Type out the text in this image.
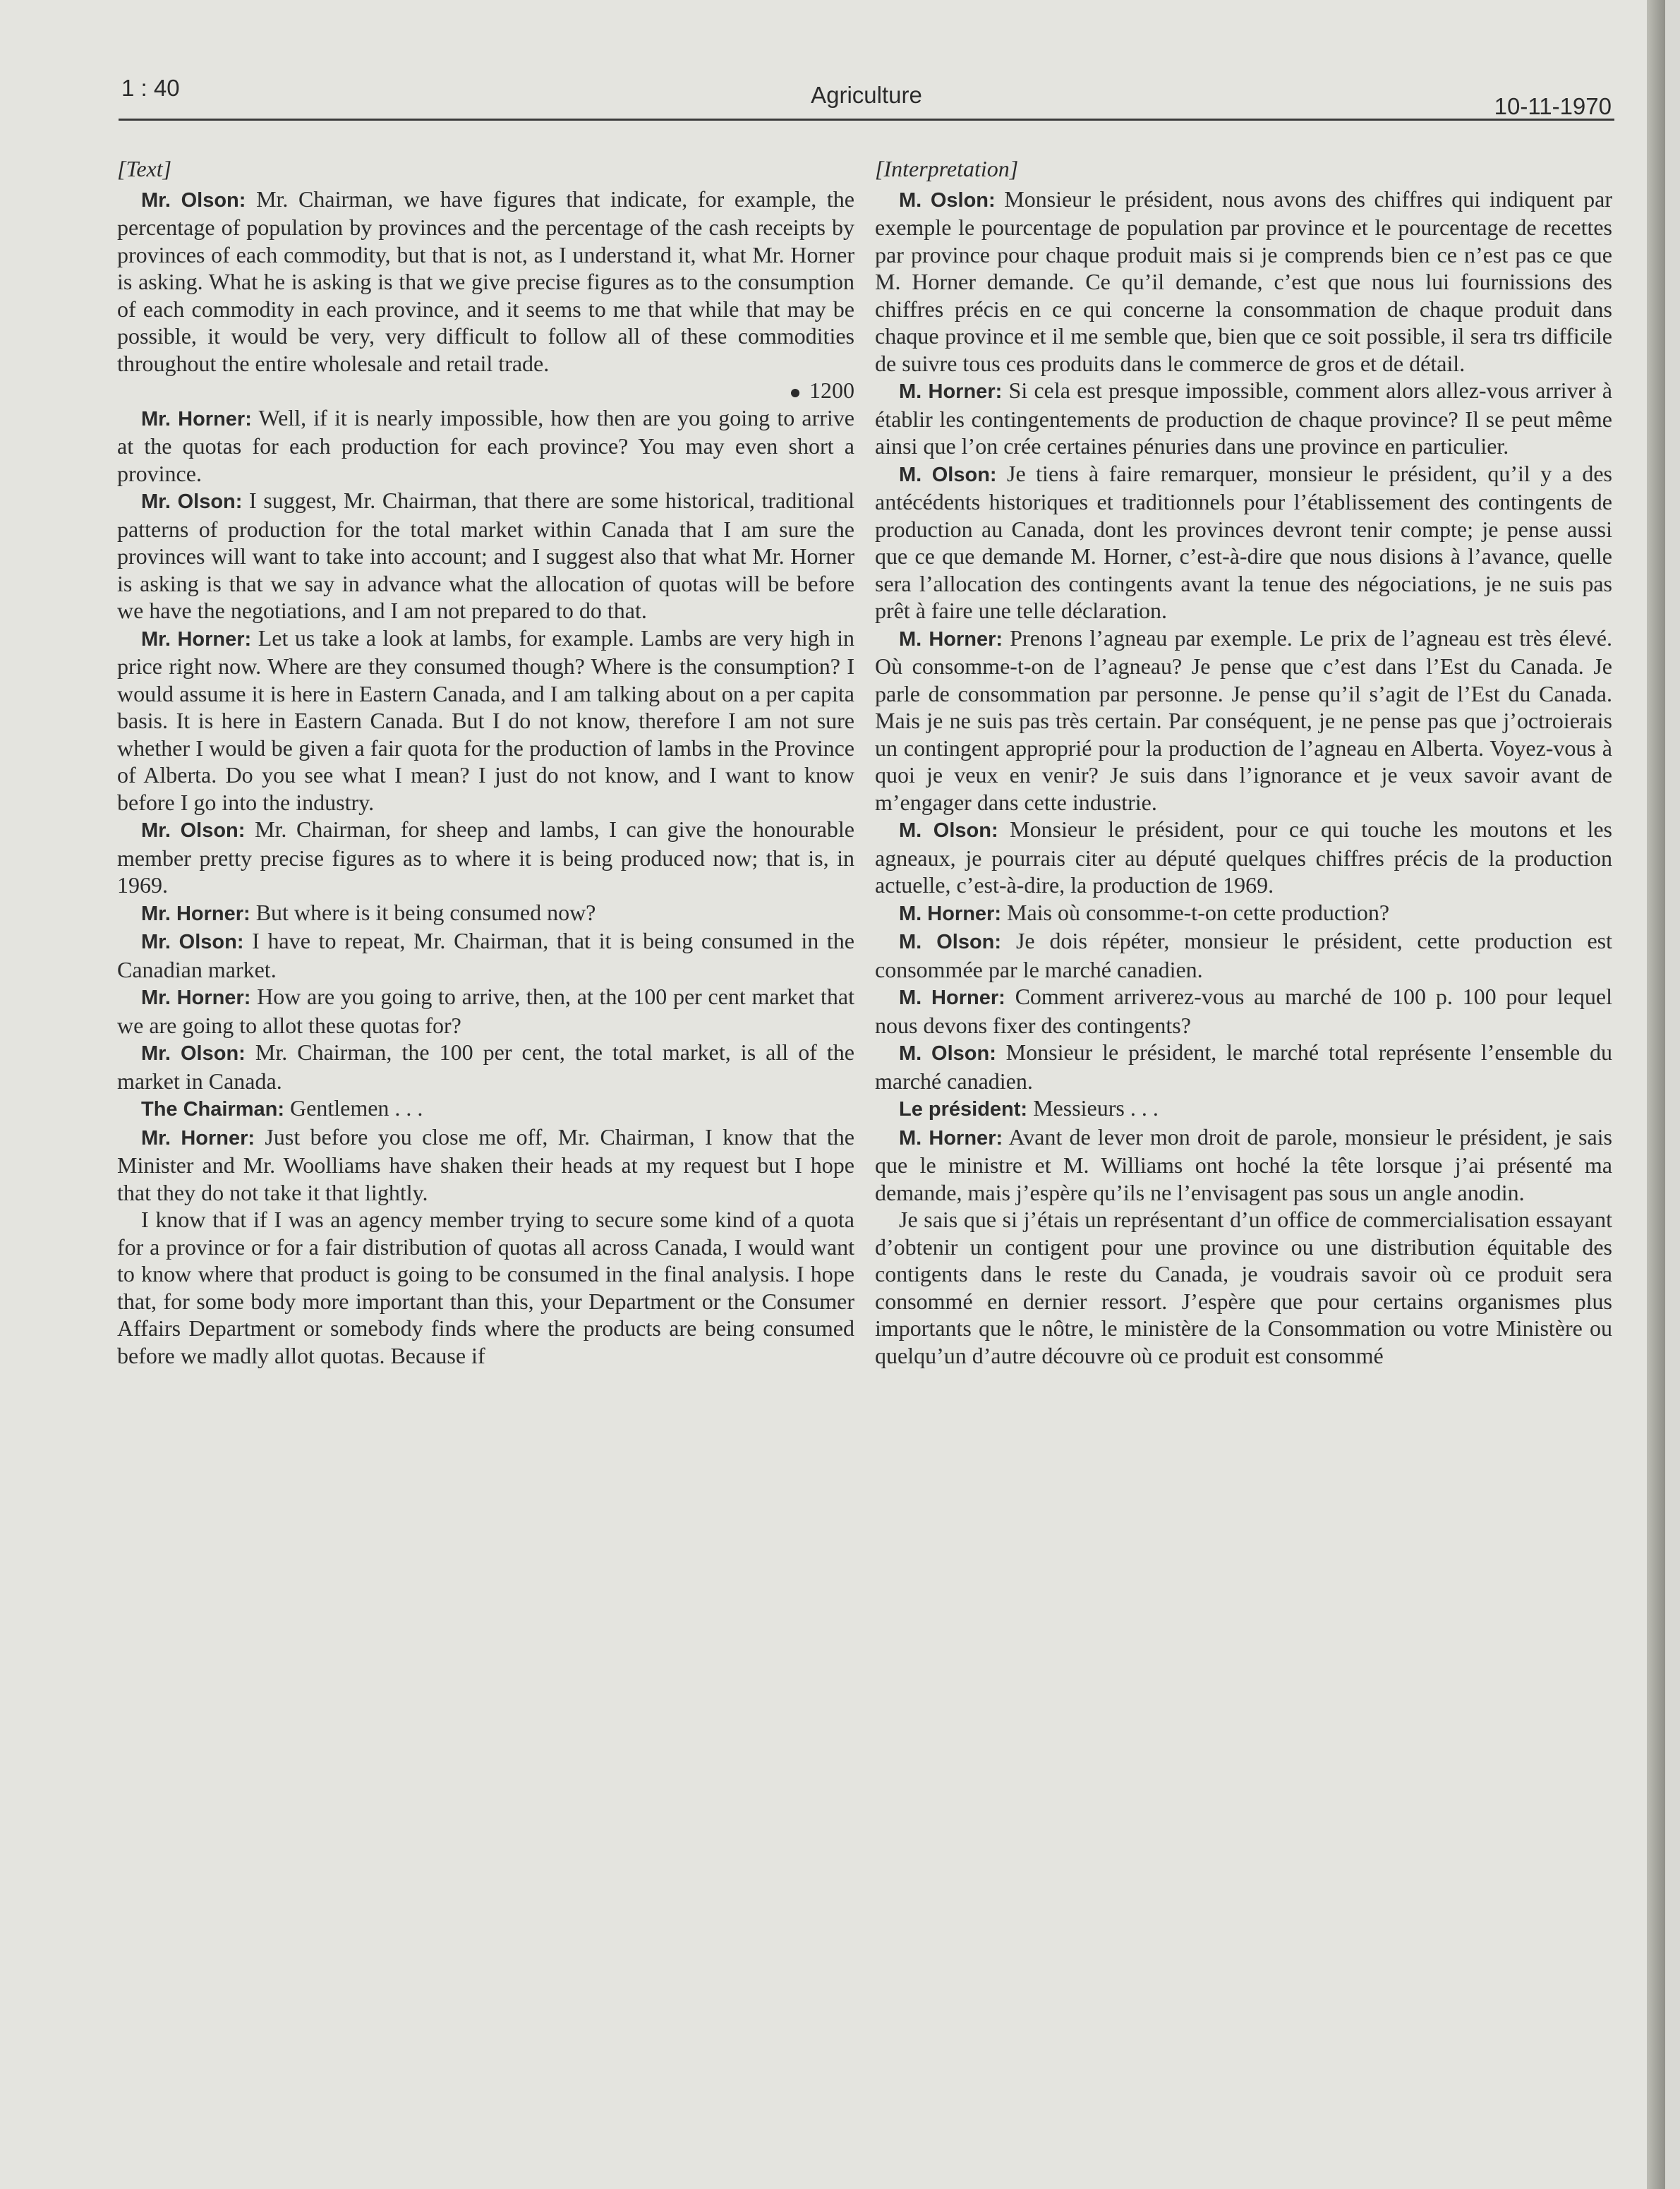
1 : 40	Agriculture	10-11-1970

[Text]

Mr. Olson: Mr. Chairman, we have figures that indicate, for example, the percentage of population by provinces and the percentage of the cash receipts by provinces of each commodity, but that is not, as I understand it, what Mr. Horner is asking. What he is asking is that we give precise figures as to the consumption of each commodity in each province, and it seems to me that while that may be possible, it would be very, very difficult to follow all of these commodities throughout the entire wholesale and retail trade.

1200

Mr. Horner: Well, if it is nearly impossible, how then are you going to arrive at the quotas for each production for each province? You may even short a province.

Mr. Olson: I suggest, Mr. Chairman, that there are some historical, traditional patterns of production for the total market within Canada that I am sure the provinces will want to take into account; and I suggest also that what Mr. Horner is asking is that we say in advance what the allocation of quotas will be before we have the negotiations, and I am not prepared to do that.

Mr. Horner: Let us take a look at lambs, for example. Lambs are very high in price right now. Where are they consumed though? Where is the consumption? I would assume it is here in Eastern Canada, and I am talking about on a per capita basis. It is here in Eastern Canada. But I do not know, therefore I am not sure whether I would be given a fair quota for the production of lambs in the Province of Alberta. Do you see what I mean? I just do not know, and I want to know before I go into the industry.

Mr. Olson: Mr. Chairman, for sheep and lambs, I can give the honourable member pretty precise figures as to where it is being produced now; that is, in 1969.

Mr. Horner: But where is it being consumed now?

Mr. Olson: I have to repeat, Mr. Chairman, that it is being consumed in the Canadian market.

Mr. Horner: How are you going to arrive, then, at the 100 per cent market that we are going to allot these quotas for?

Mr. Olson: Mr. Chairman, the 100 per cent, the total market, is all of the market in Canada.

The Chairman: Gentlemen . . .

Mr. Horner: Just before you close me off, Mr. Chairman, I know that the Minister and Mr. Woolliams have shaken their heads at my request but I hope that they do not take it that lightly.

I know that if I was an agency member trying to secure some kind of a quota for a province or for a fair distribution of quotas all across Canada, I would want to know where that product is going to be consumed in the final analysis. I hope that, for some body more important than this, your Department or the Consumer Affairs Department or somebody finds where the products are being consumed before we madly allot quotas. Because if

[Interpretation]

M. Oslon: Monsieur le président, nous avons des chiffres qui indiquent par exemple le pourcentage de population par province et le pourcentage de recettes par province pour chaque produit mais si je comprends bien ce n’est pas ce que M. Horner demande. Ce qu’il demande, c’est que nous lui fournissions des chiffres précis en ce qui concerne la consommation de chaque produit dans chaque province et il me semble que, bien que ce soit possible, il sera trs difficile de suivre tous ces produits dans le commerce de gros et de détail.

M. Horner: Si cela est presque impossible, comment alors allez-vous arriver à établir les contingentements de production de chaque province? Il se peut même ainsi que l’on crée certaines pénuries dans une province en particulier.

M. Olson: Je tiens à faire remarquer, monsieur le président, qu’il y a des antécédents historiques et traditionnels pour l’établissement des contingents de production au Canada, dont les provinces devront tenir compte; je pense aussi que ce que demande M. Horner, c’est-à-dire que nous disions à l’avance, quelle sera l’allocation des contingents avant la tenue des négociations, je ne suis pas prêt à faire une telle déclaration.

M. Horner: Prenons l’agneau par exemple. Le prix de l’agneau est très élevé. Où consomme-t-on de l’agneau? Je pense que c’est dans l’Est du Canada. Je parle de consommation par personne. Je pense qu’il s’agit de l’Est du Canada. Mais je ne suis pas très certain. Par conséquent, je ne pense pas que j’octroierais un contingent approprié pour la production de l’agneau en Alberta. Voyez-vous à quoi je veux en venir? Je suis dans l’ignorance et je veux savoir avant de m’engager dans cette industrie.

M. Olson: Monsieur le président, pour ce qui touche les moutons et les agneaux, je pourrais citer au député quelques chiffres précis de la production actuelle, c’est-à-dire, la production de 1969.

M. Horner: Mais où consomme-t-on cette production?

M. Olson: Je dois répéter, monsieur le président, cette production est consommée par le marché canadien.

M. Horner: Comment arriverez-vous au marché de 100 p. 100 pour lequel nous devons fixer des contingents?

M. Olson: Monsieur le président, le marché total représente l’ensemble du marché canadien.

Le président: Messieurs . . .

M. Horner: Avant de lever mon droit de parole, monsieur le président, je sais que le ministre et M. Williams ont hoché la tête lorsque j’ai présenté ma demande, mais j’espère qu’ils ne l’envisagent pas sous un angle anodin.

Je sais que si j’étais un représentant d’un office de commercialisation essayant d’obtenir un contigent pour une province ou une distribution équitable des contigents dans le reste du Canada, je voudrais savoir où ce produit sera consommé en dernier ressort. J’espère que pour certains organismes plus importants que le nôtre, le ministère de la Consommation ou votre Ministère ou quelqu’un d’autre découvre où ce produit est consommé
